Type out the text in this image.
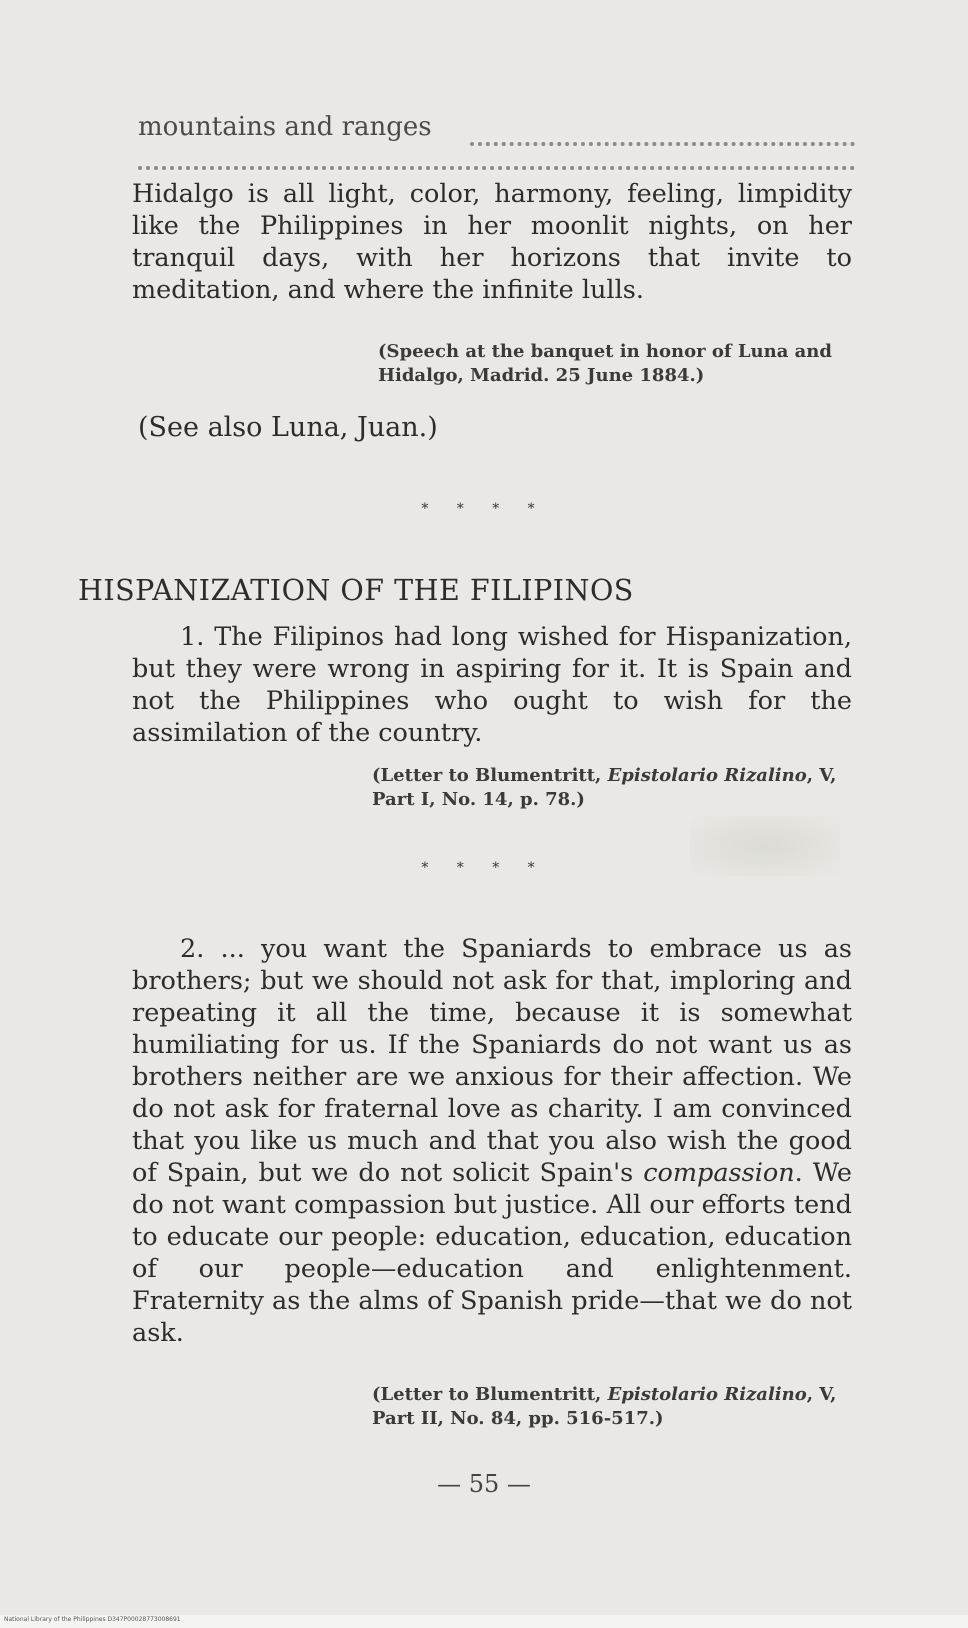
mountains and ranges

Hidalgo is all light, color, harmony, feeling, limpidity like the Philippines in her moonlit nights, on her tranquil days, with her horizons that invite to meditation, and where the infinite lulls.

(Speech at the banquet in honor of Luna and Hidalgo, Madrid. 25 June 1884.)

(See also Luna, Juan.)

* * * *

HISPANIZATION OF THE FILIPINOS

1. The Filipinos had long wished for Hispanization, but they were wrong in aspiring for it. It is Spain and not the Philippines who ought to wish for the assimilation of the country.

(Letter to Blumentritt, Epistolario Rizalino, V, Part I, No. 14, p. 78.)

* * * *

2. ... you want the Spaniards to embrace us as brothers; but we should not ask for that, imploring and repeating it all the time, because it is somewhat humiliating for us. If the Spaniards do not want us as brothers neither are we anxious for their affection. We do not ask for fraternal love as charity. I am convinced that you like us much and that you also wish the good of Spain, but we do not solicit Spain's compassion. We do not want compassion but justice. All our efforts tend to educate our people: education, education, education of our people—education and enlightenment. Fraternity as the alms of Spanish pride—that we do not ask.

(Letter to Blumentritt, Epistolario Rizalino, V, Part II, No. 84, pp. 516-517.)

— 55 —

National Library of the Philippines D347P00028773008691
